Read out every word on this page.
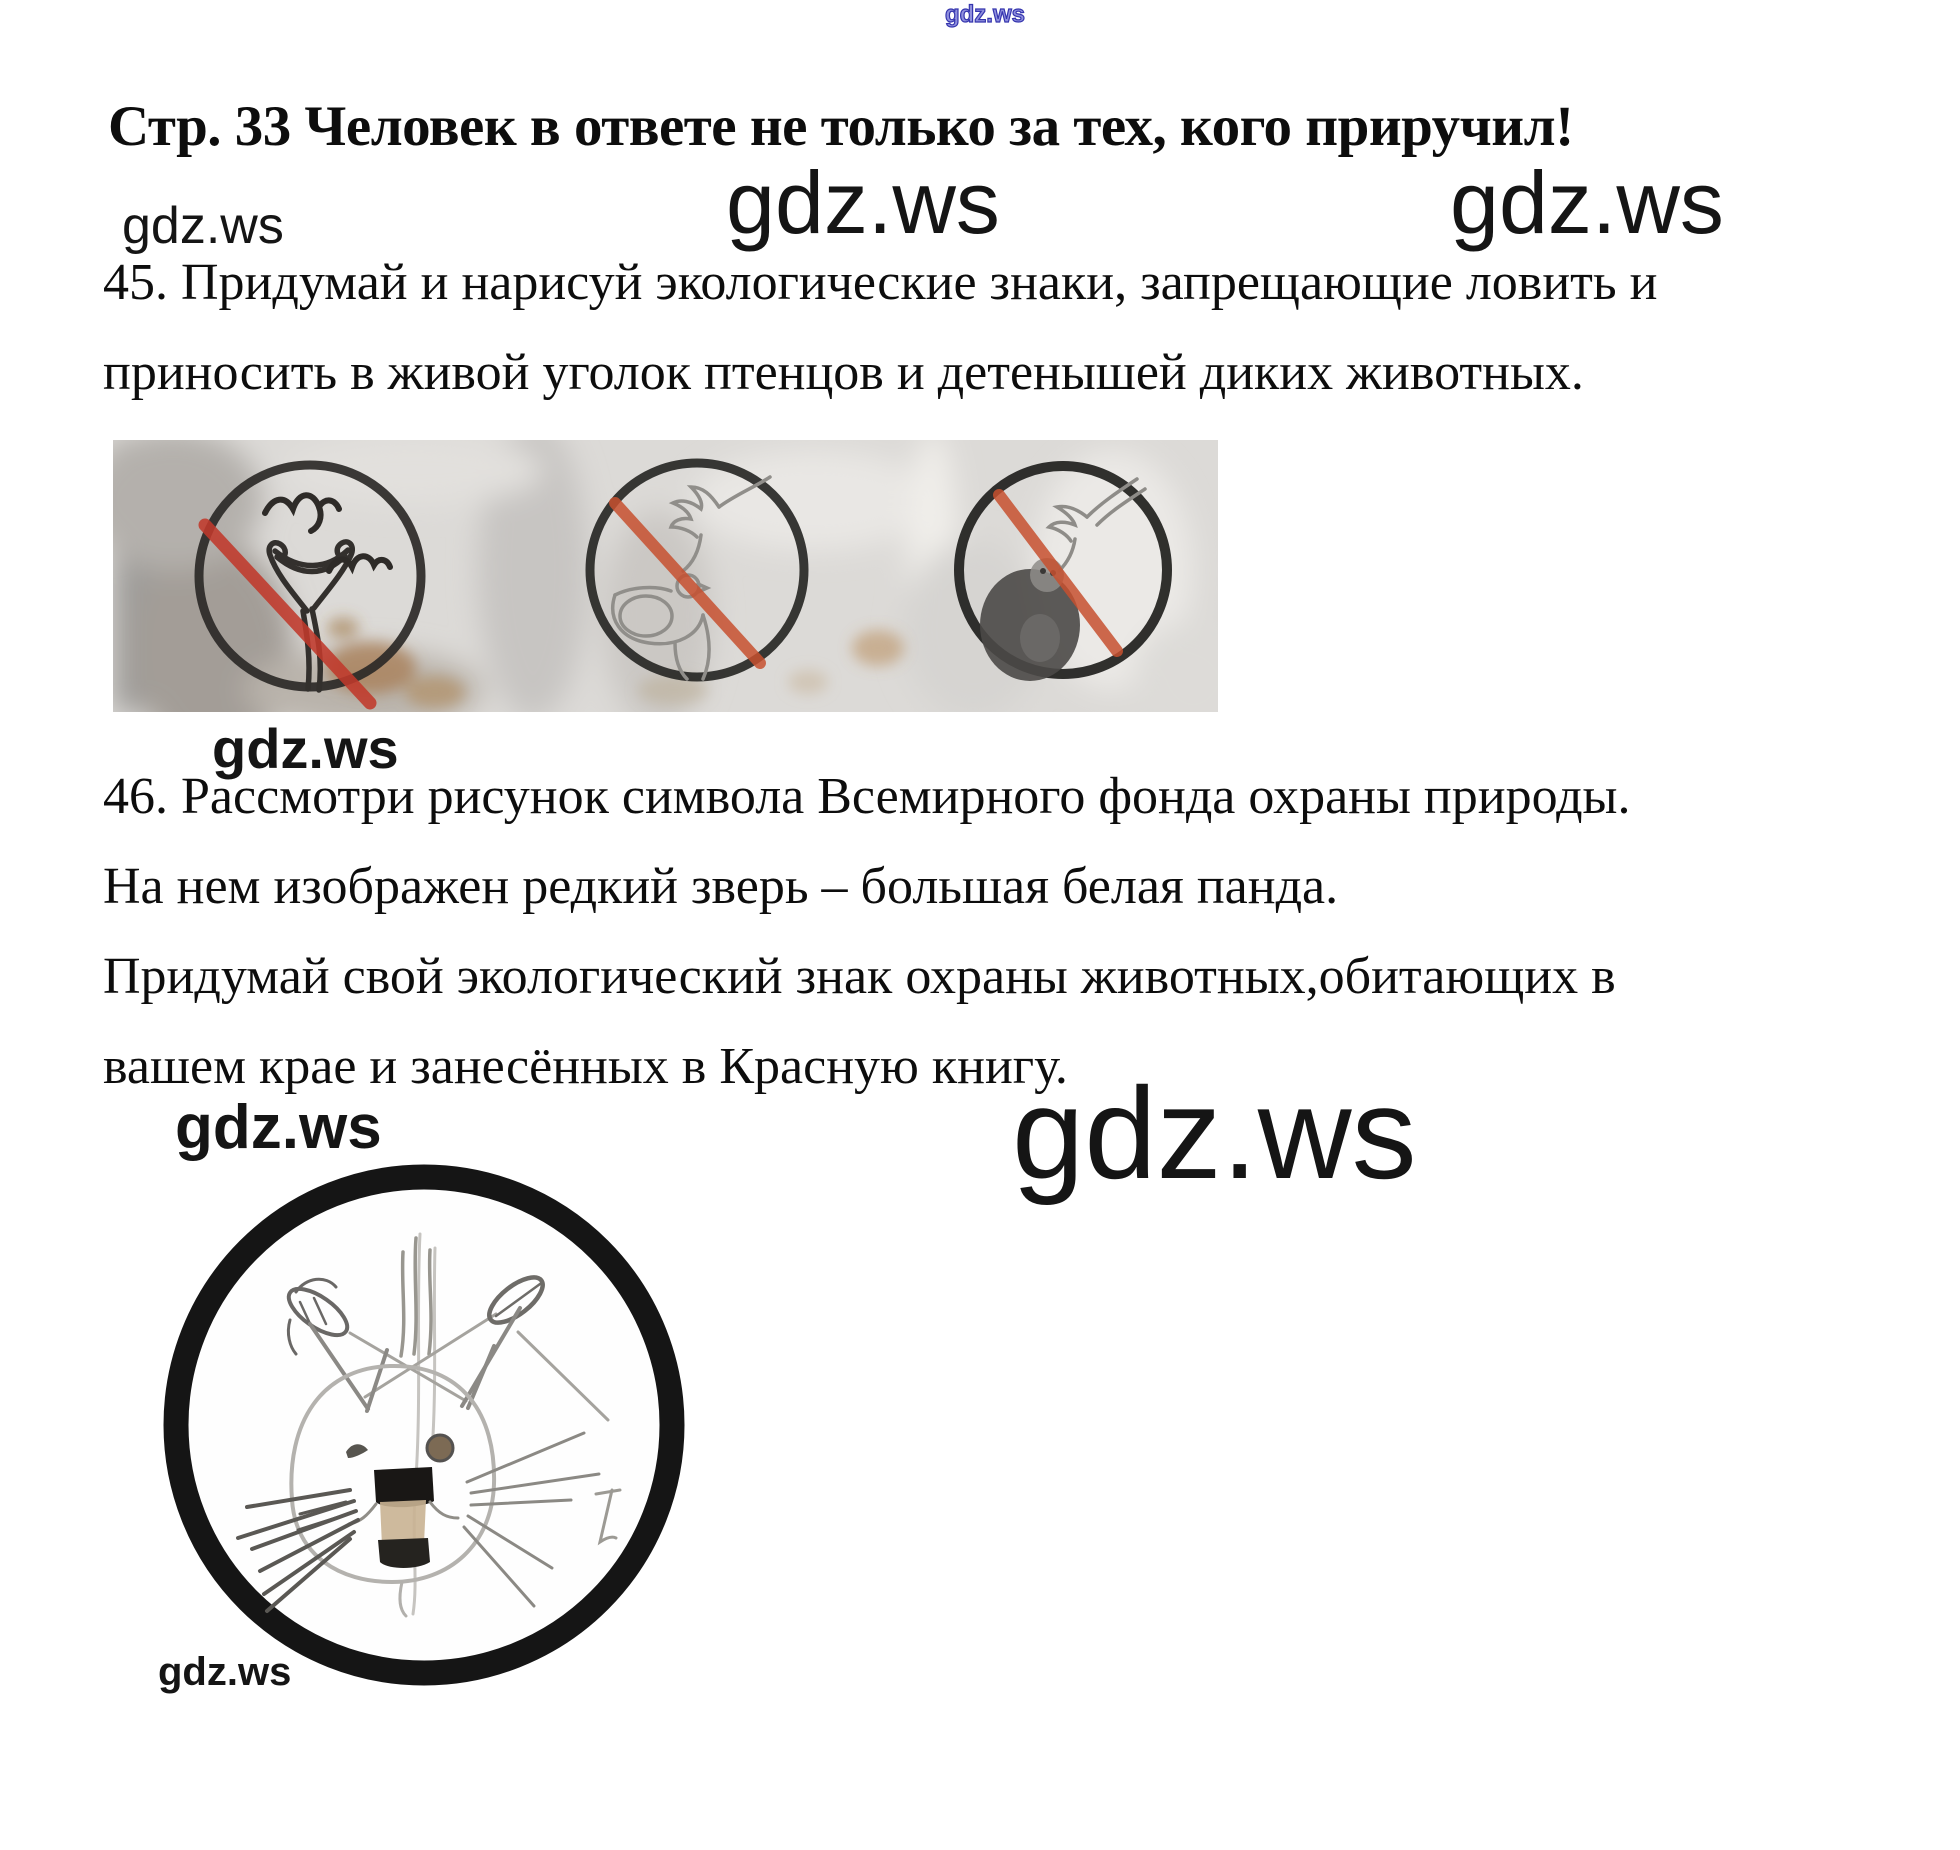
gdz.ws
Стр. 33 Человек в ответе не только за тех, кого приручил!
gdz.ws	gdz.ws	gdz.ws
45. Придумай и нарисуй экологические знаки, запрещающие ловить и
приносить в живой уголок птенцов и детенышей диких животных.
gdz.ws
46. Рассмотри рисунок символа Всемирного фонда охраны природы.
На нем изображен редкий зверь – большая белая панда.
Придумай свой экологический знак охраны животных,обитающих в
вашем крае и занесённых в Красную книгу.
gdz.ws	gdz.ws
gdz.ws
